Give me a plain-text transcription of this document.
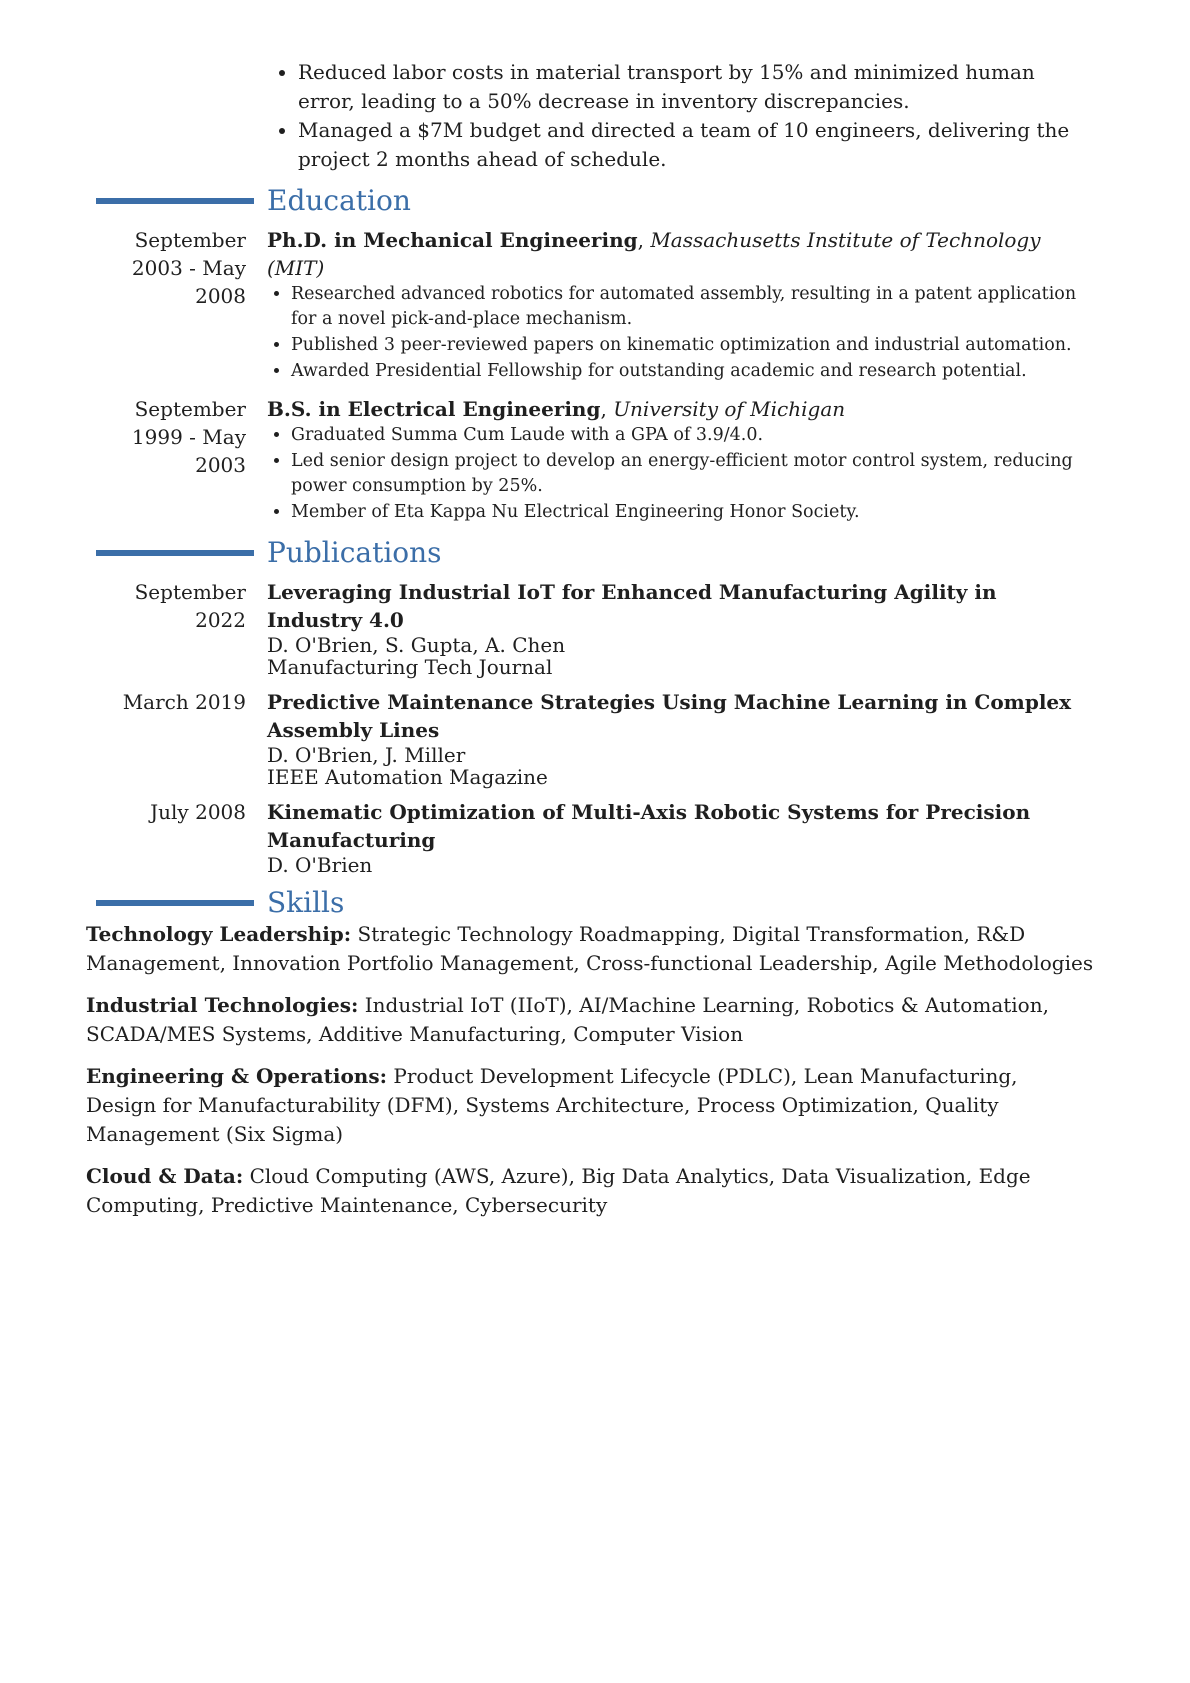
• Reduced labor costs in material transport by 15% and minimized human error, leading to a 50% decrease in inventory discrepancies.
• Managed a $7M budget and directed a team of 10 engineers, delivering the project 2 months ahead of schedule.
Education
September 2003 - May 2008
Ph.D. in Mechanical Engineering, Massachusetts Institute of Technology (MIT)
• Researched advanced robotics for automated assembly, resulting in a patent application for a novel pick-and-place mechanism.
• Published 3 peer-reviewed papers on kinematic optimization and industrial automation.
• Awarded Presidential Fellowship for outstanding academic and research potential.
September 1999 - May 2003
B.S. in Electrical Engineering, University of Michigan
• Graduated Summa Cum Laude with a GPA of 3.9/4.0.
• Led senior design project to develop an energy-efficient motor control system, reducing power consumption by 25%.
• Member of Eta Kappa Nu Electrical Engineering Honor Society.
Publications
September 2022
Leveraging Industrial IoT for Enhanced Manufacturing Agility in Industry 4.0
D. O'Brien, S. Gupta, A. Chen
Manufacturing Tech Journal
March 2019	Predictive Maintenance Strategies Using Machine Learning in Complex Assembly Lines
D. O'Brien, J. Miller
IEEE Automation Magazine
July 2008	Kinematic Optimization of Multi-Axis Robotic Systems for Precision Manufacturing
D. O'Brien
Skills
Technology Leadership: Strategic Technology Roadmapping, Digital Transformation, R&D Management, Innovation Portfolio Management, Cross-functional Leadership, Agile Methodologies
Industrial Technologies: Industrial IoT (IIoT), AI/Machine Learning, Robotics & Automation, SCADA/MES Systems, Additive Manufacturing, Computer Vision
Engineering & Operations: Product Development Lifecycle (PDLC), Lean Manufacturing, Design for Manufacturability (DFM), Systems Architecture, Process Optimization, Quality Management (Six Sigma)
Cloud & Data: Cloud Computing (AWS, Azure), Big Data Analytics, Data Visualization, Edge Computing, Predictive Maintenance, Cybersecurity
